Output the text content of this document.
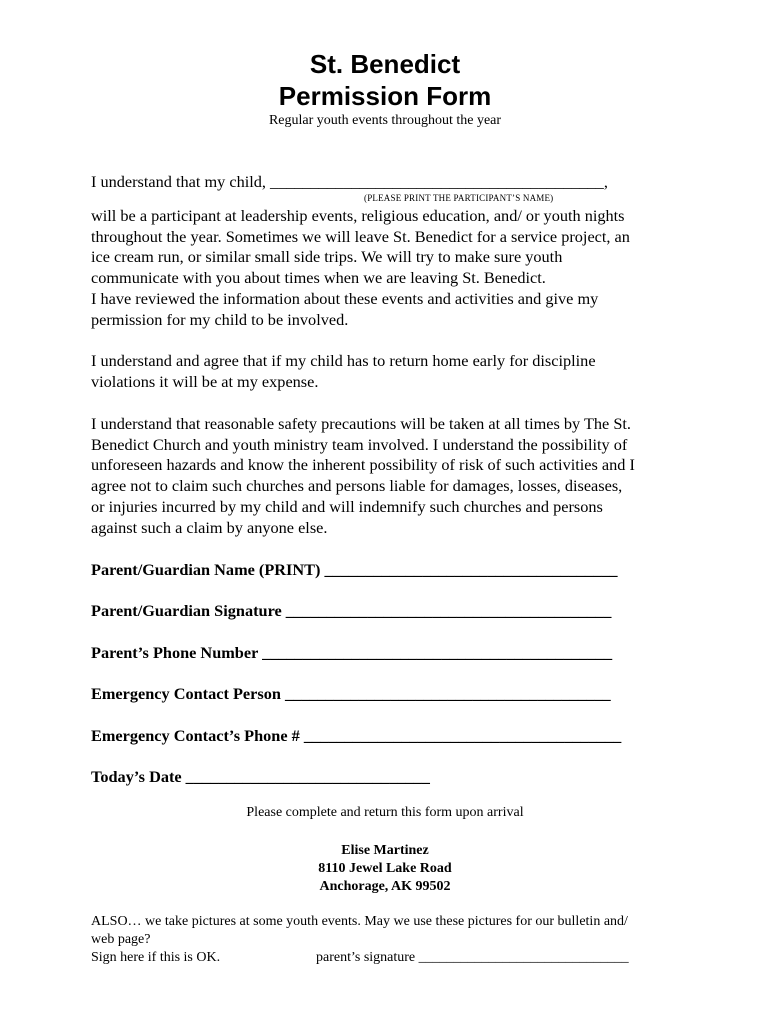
St. Benedict
Permission Form
Regular youth events throughout the year
I understand that my child, _________________________________________,
(PLEASE PRINT THE PARTICIPANT’S NAME)
will be a participant at leadership events, religious education, and/ or youth nights
throughout the year. Sometimes we will leave St. Benedict for a service project, an
ice cream run, or similar small side trips. We will try to make sure youth
communicate with you about times when we are leaving St. Benedict.
I have reviewed the information about these events and activities and give my
permission for my child to be involved.
I understand and agree that if my child has to return home early for discipline
violations it will be at my expense.
I understand that reasonable safety precautions will be taken at all times by The St.
Benedict Church and youth ministry team involved. I understand the possibility of
unforeseen hazards and know the inherent possibility of risk of such activities and I
agree not to claim such churches and persons liable for damages, losses, diseases,
or injuries incurred by my child and will indemnify such churches and persons
against such a claim by anyone else.
Parent/Guardian Name (PRINT) ____________________________________
Parent/Guardian Signature ________________________________________
Parent’s Phone Number ___________________________________________
Emergency Contact Person ________________________________________
Emergency Contact’s Phone # _______________________________________
Today’s Date ______________________________
Please complete and return this form upon arrival
Elise Martinez
8110 Jewel Lake Road
Anchorage, AK 99502
ALSO… we take pictures at some youth events. May we use these pictures for our bulletin and/
web page?
Sign here if this is OK.	parent’s signature ______________________________
